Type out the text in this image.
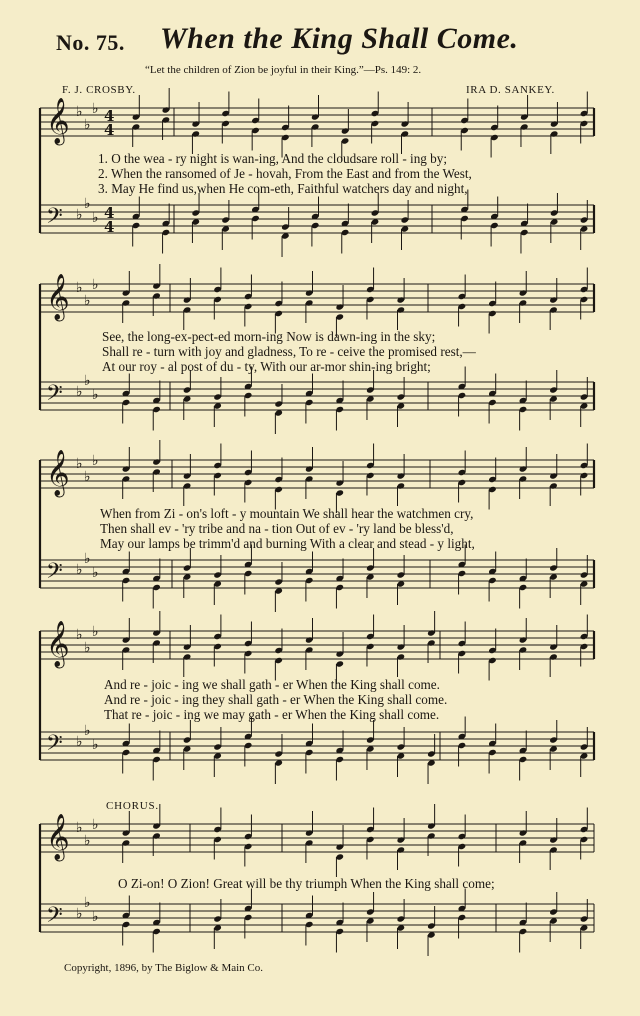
No. 75. When the King Shall Come.
“Let the children of Zion be joyful in their King.”—Ps. 149: 2.
F. J. CROSBY.	IRA D. SANKEY.
𝄞 ♭
♭
♭
𝄢 ♭
♭
♭
𝄞 ♭
♭
♭
𝄢 ♭
♭
♭
𝄞 ♭
♭
♭
𝄢 ♭
♭
♭
𝄞 ♭
♭
♭
𝄢 ♭
♭
♭
𝄞 ♭
♭
♭
𝄢 ♭
♭
♭
4
4
4
4
1. O the wea - ry night is wan-ing, And the cloudsare roll - ing by;
2. When the ransomed of Je - hovah, From the East and from the West,
3. May He find us,when He com-eth, Faithful watchers day and night,
See, the long-ex-pect-ed morn-ing Now is dawn-ing in the sky;
Shall re - turn with joy and gladness, To re - ceive the promised rest,—
At our roy - al post of du - ty, With our ar-mor shin-ing bright;
When from Zi - on's loft - y mountain We shall hear the watchmen cry,
Then shall ev - 'ry tribe and na - tion Out of ev - 'ry land be bless'd,
May our lamps be trimm'd and burning With a clear and stead - y light,
And re - joic - ing we shall gath - er When the King shall come.
And re - joic - ing they shall gath - er When the King shall come.
That re - joic - ing we may gath - er When the King shall come.
CHORUS.
O Zi-on! O Zion! Great will be thy triumph When the King shall come;
Copyright, 1896, by The Biglow & Main Co.
